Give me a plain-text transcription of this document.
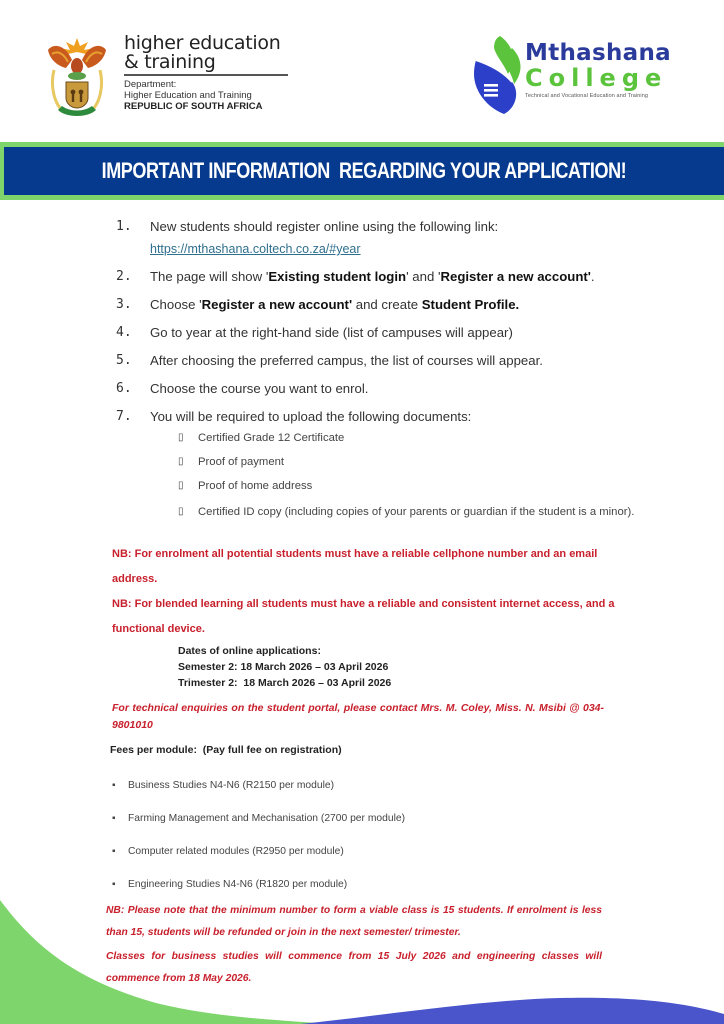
higher education
& training
Department:
Higher Education and Training
REPUBLIC OF SOUTH AFRICA
Mthashana
College
Technical and Vocational Education and Training
IMPORTANT INFORMATION  REGARDING YOUR APPLICATION!
1.	New students should register online using the following link:
https://mthashana.coltech.co.za/#year
2.	The page will show 'Existing student login' and 'Register a new account'.
3.	Choose 'Register a new account' and create Student Profile.
4.	Go to year at the right-hand side (list of campuses will appear)
5.	After choosing the preferred campus, the list of courses will appear.
6.	Choose the course you want to enrol.
7.	You will be required to upload the following documents:
▯	Certified Grade 12 Certificate
▯	Proof of payment
▯	Proof of home address
▯	Certified ID copy (including copies of your parents or guardian if the student is a minor).
NB: For enrolment all potential students must have a reliable cellphone number and an email address.
NB: For blended learning all students must have a reliable and consistent internet access, and a functional device.
Dates of online applications:
Semester 2: 18 March 2026 – 03 April 2026
Trimester 2:  18 March 2026 – 03 April 2026
For technical enquiries on the student portal, please contact Mrs. M. Coley, Miss. N. Msibi @ 034-9801010
Fees per module:  (Pay full fee on registration)
▪	Business Studies N4-N6 (R2150 per module)
▪	Farming Management and Mechanisation (2700 per module)
▪	Computer related modules (R2950 per module)
▪	Engineering Studies N4-N6 (R1820 per module)

NB: Please note that the minimum number to form a viable class is 15 students. If enrolment is less than 15, students will be refunded or join in the next semester/ trimester.

Classes for business studies will commence from 15 July 2026 and engineering classes will commence from 18 May 2026.
